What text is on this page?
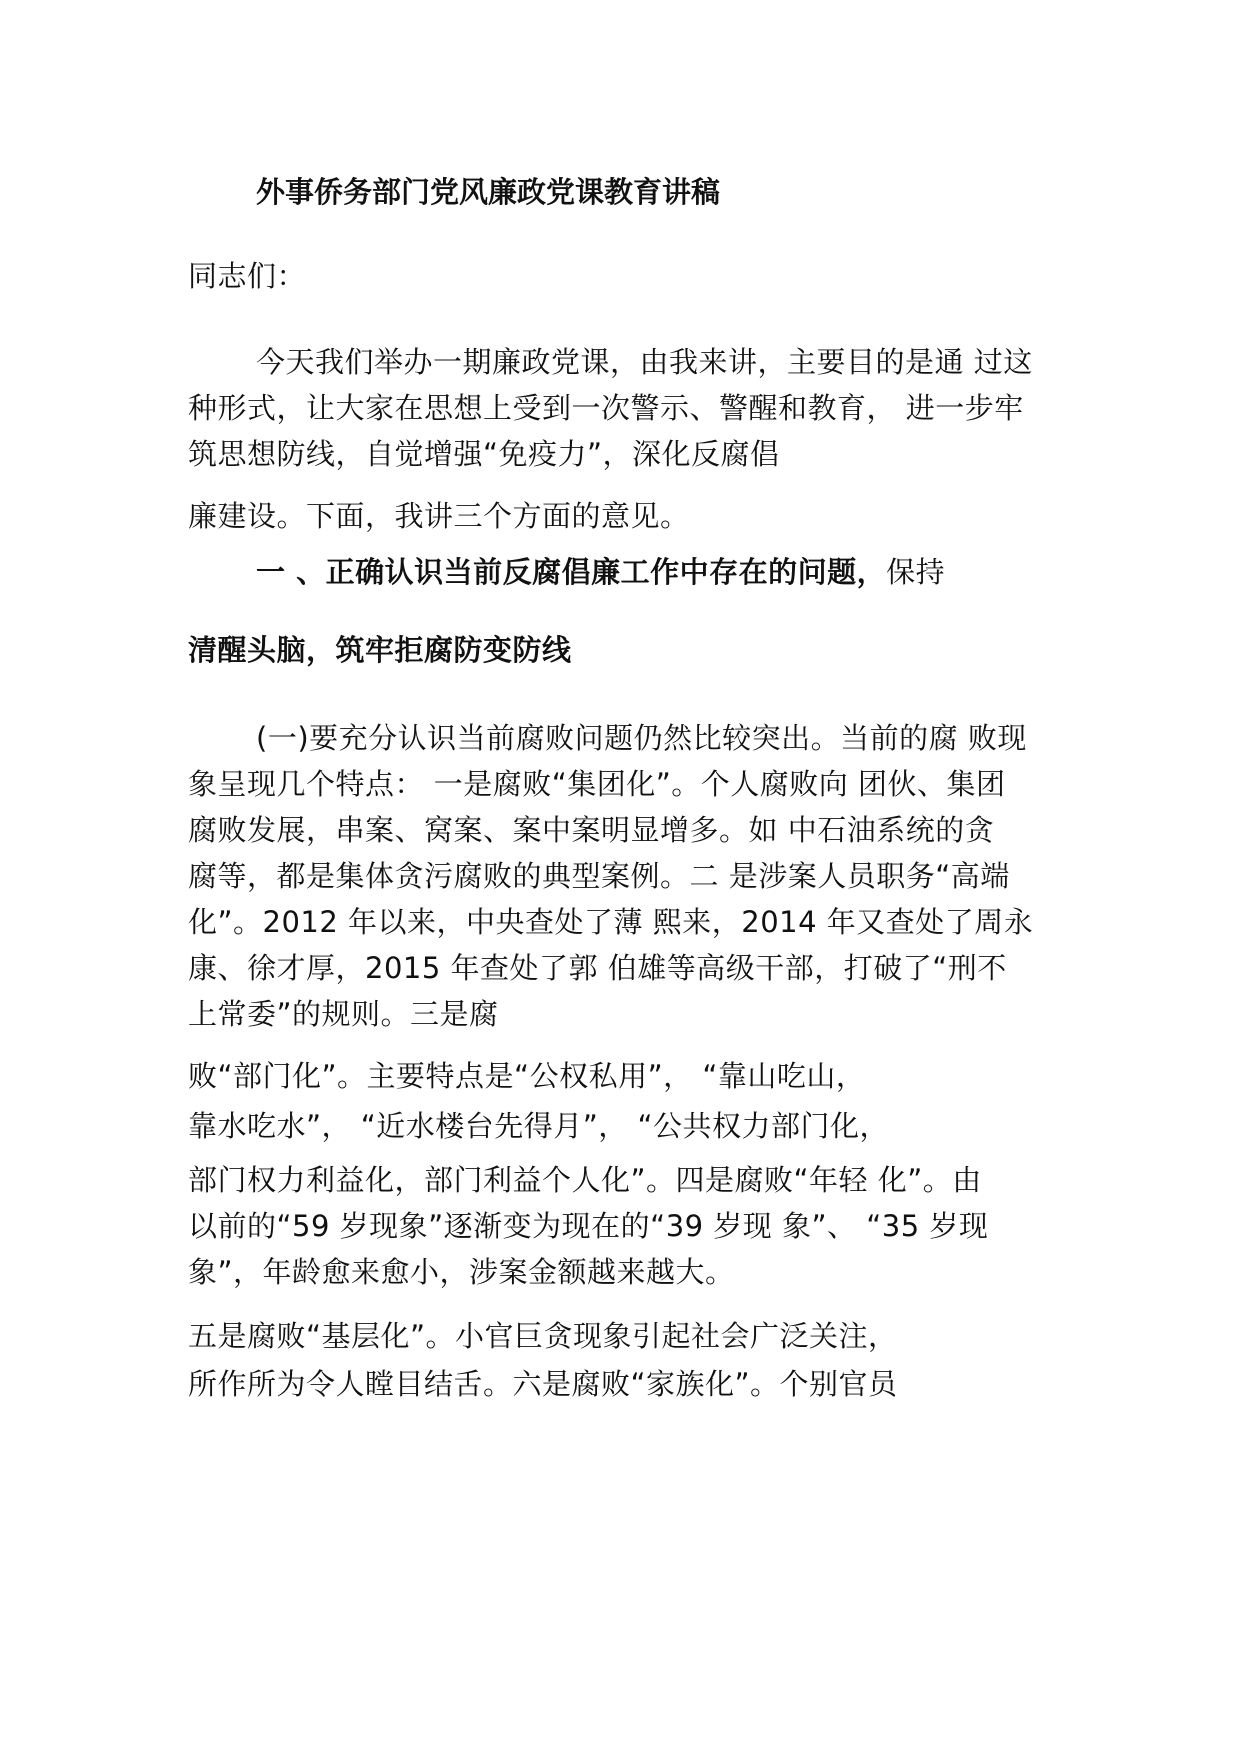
外事侨务部门党风廉政党课教育讲稿
同志们：
今天我们举办一期廉政党课，由我来讲，主要目的是通 过这
种形式，让大家在思想上受到一次警示、警醒和教育， 进一步牢
筑思想防线，自觉增强“免疫力”，深化反腐倡
廉建设。下面，我讲三个方面的意见。
一 、正确认识当前反腐倡廉工作中存在的问题，保持
清醒头脑，筑牢拒腐防变防线
(一)要充分认识当前腐败问题仍然比较突出。当前的腐 败现
象呈现几个特点： 一是腐败“集团化”。个人腐败向 团伙、集团
腐败发展，串案、窝案、案中案明显增多。如 中石油系统的贪
腐等，都是集体贪污腐败的典型案例。二 是涉案人员职务“高端
化”。2012 年以来，中央查处了薄 熙来，2014 年又查处了周永
康、徐才厚，2015 年查处了郭 伯雄等高级干部，打破了“刑不
上常委”的规则。三是腐
败“部门化”。主要特点是“公权私用”， “靠山吃山，
靠水吃水”， “近水楼台先得月”， “公共权力部门化，
部门权力利益化，部门利益个人化”。四是腐败“年轻 化”。由
以前的“59 岁现象”逐渐变为现在的“39 岁现 象”、 “35 岁现
象”，年龄愈来愈小，涉案金额越来越大。
五是腐败“基层化”。小官巨贪现象引起社会广泛关注，
所作所为令人瞠目结舌。六是腐败“家族化”。个别官员
